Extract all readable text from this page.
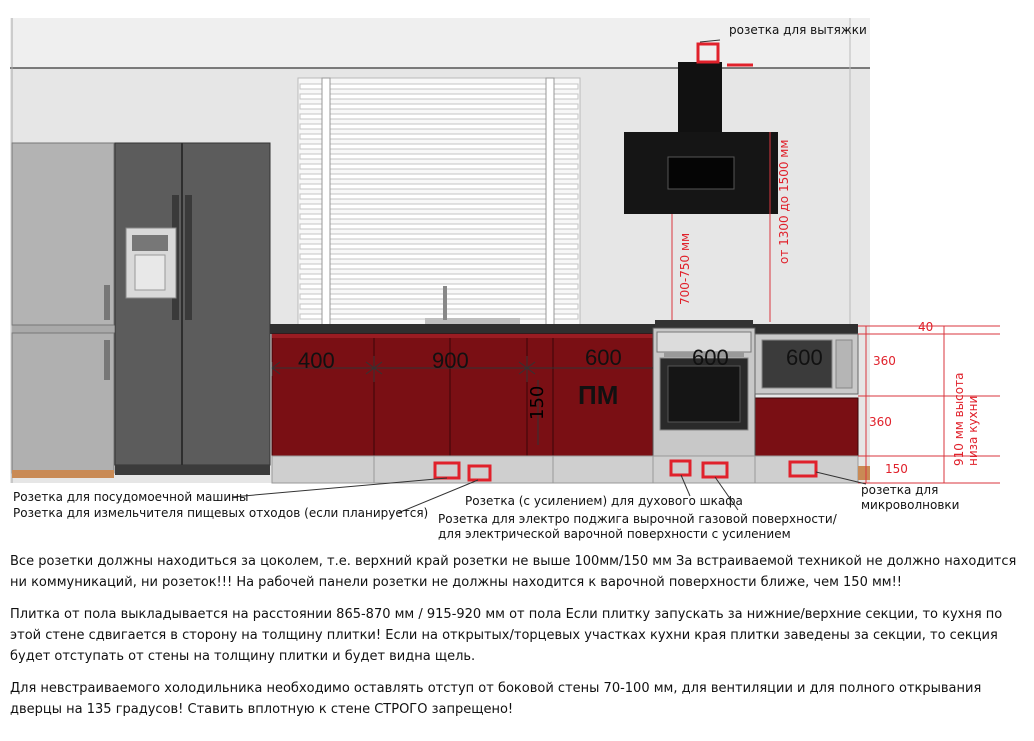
розетка для вытяжки
400	900	600
ПМ
600	600
150
700-750 мм
от 1300 до 1500 мм
40
360
360
150
910 мм высота низа кухни
Розетка для посудомоечной машины
Розетка для измельчителя пищевых отходов (если планируется)
Розетка (с усилением) для духового шкафа
Розетка для электро поджига вырочной газовой поверхности/для электрической варочной поверхности с усилением
розетка для микроволновки
Все розетки должны находиться за цоколем, т.е. верхний край розетки не выше 100мм/150 мм За встраиваемой техникой не должно находится ни коммуникаций, ни розеток!!! На рабочей панели розетки не должны находится к варочной поверхности ближе, чем 150 мм!!
Плитка от пола выкладывается на расстоянии 865-870 мм / 915-920 мм от пола Если плитку запускать за нижние/верхние секции, то кухня по этой стене сдвигается в сторону на толщину плитки! Если на открытых/торцевых участках кухни края плитки заведены за секции, то секция будет отступать от стены на толщину плитки и будет видна щель.
Для невстраиваемого холодильника необходимо оставлять отступ от боковой стены 70-100 мм, для вентиляции и для полного открывания дверцы на 135 градусов! Ставить вплотную к стене СТРОГО запрещено!
